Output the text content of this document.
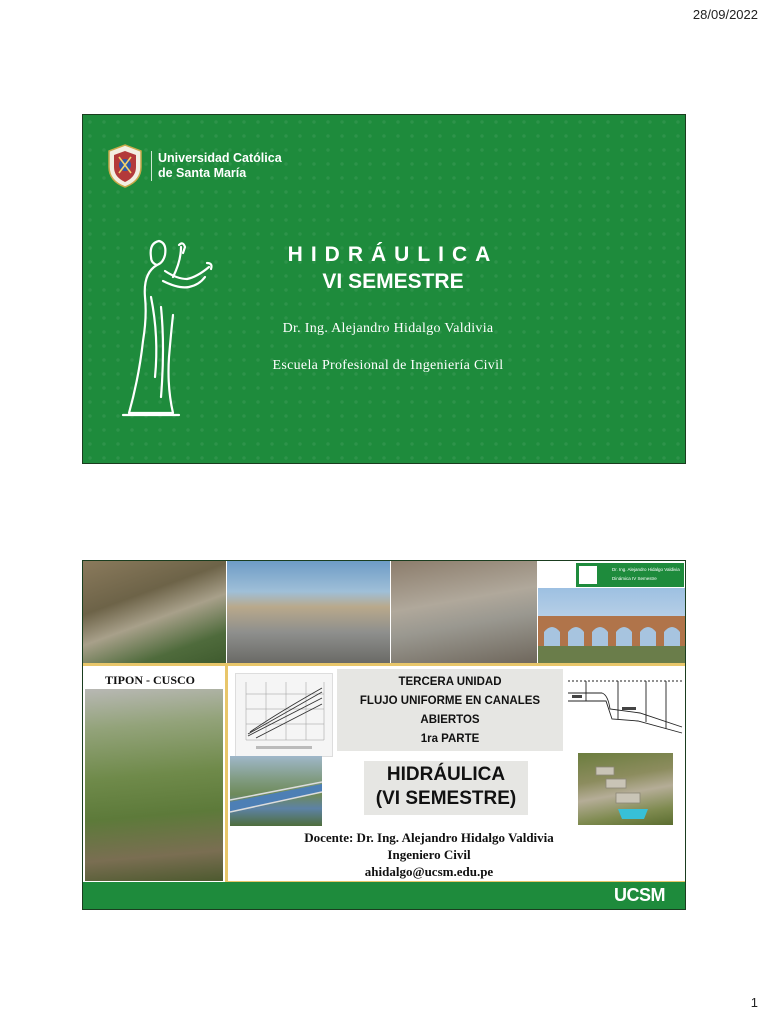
28/09/2022
Universidad Católica
de Santa María
HIDRÁULICA
VI SEMESTRE
Dr. Ing. Alejandro Hidalgo Valdivia
Escuela Profesional de Ingeniería Civil
Dr. Ing. Alejandro Hidalgo Valdivia
Dinámica IV Semestre
TIPON - CUSCO	TERCERA UNIDAD
FLUJO UNIFORME EN CANALES
ABIERTOS
1ra PARTE
HIDRÁULICA
(VI SEMESTRE)
Docente: Dr. Ing. Alejandro Hidalgo Valdivia
Ingeniero Civil
ahidalgo@ucsm.edu.pe
UCSM
1
